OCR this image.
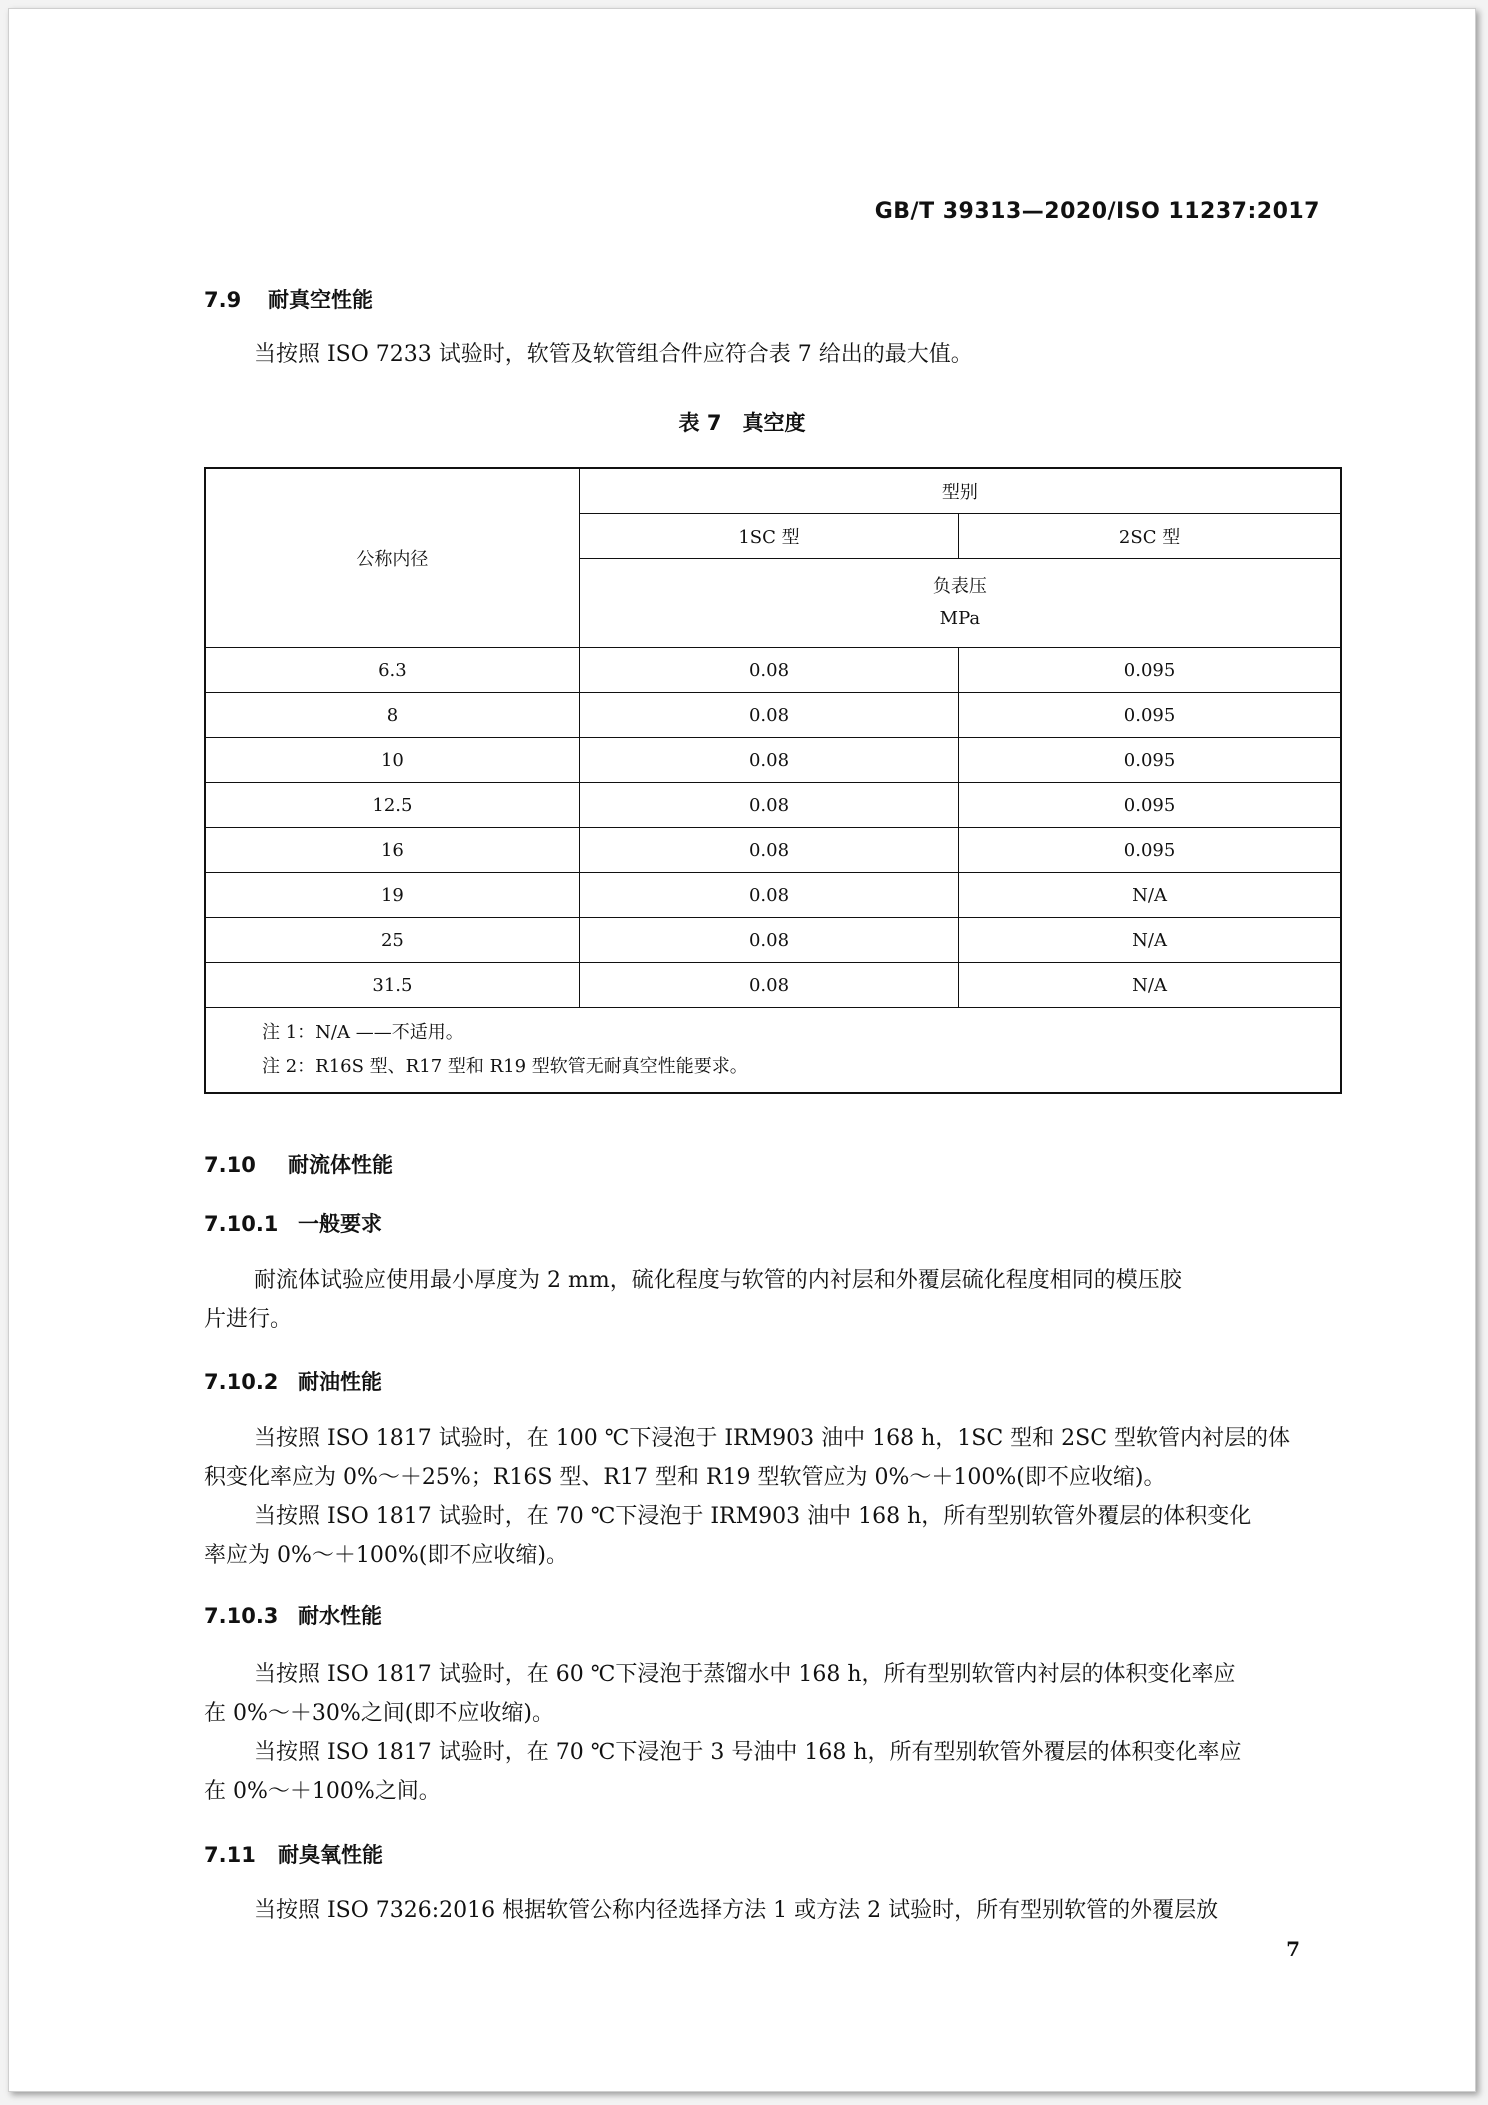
GB/T 39313—2020/ISO 11237:2017
7.9 耐真空性能
当按照 ISO 7233 试验时，软管及软管组合件应符合表 7 给出的最大值。
表 7　真空度
公称内径	型别	
	1SC 型	2SC 型

	负表压
MPa	

6.3	0.08	0.095
8	0.08	0.095
10	0.08	0.095
12.5	0.08	0.095
16	0.08	0.095
19	0.08	N/A
25	0.08	N/A
31.5	0.08	N/A

注 1：N/A ——不适用。
注 2：R16S 型、R17 型和 R19 型软管无耐真空性能要求。		
7.10 耐流体性能
7.10.1 一般要求
耐流体试验应使用最小厚度为 2 mm，硫化程度与软管的内衬层和外覆层硫化程度相同的模压胶
片进行。
7.10.2 耐油性能
当按照 ISO 1817 试验时，在 100 ℃下浸泡于 IRM903 油中 168 h，1SC 型和 2SC 型软管内衬层的体
积变化率应为 0%～＋25%；R16S 型、R17 型和 R19 型软管应为 0%～＋100%(即不应收缩)。
当按照 ISO 1817 试验时，在 70 ℃下浸泡于 IRM903 油中 168 h，所有型别软管外覆层的体积变化
率应为 0%～＋100%(即不应收缩)。
7.10.3 耐水性能
当按照 ISO 1817 试验时，在 60 ℃下浸泡于蒸馏水中 168 h，所有型别软管内衬层的体积变化率应
在 0%～＋30%之间(即不应收缩)。
当按照 ISO 1817 试验时，在 70 ℃下浸泡于 3 号油中 168 h，所有型别软管外覆层的体积变化率应
在 0%～＋100%之间。
7.11 耐臭氧性能
当按照 ISO 7326:2016 根据软管公称内径选择方法 1 或方法 2 试验时，所有型别软管的外覆层放
7
